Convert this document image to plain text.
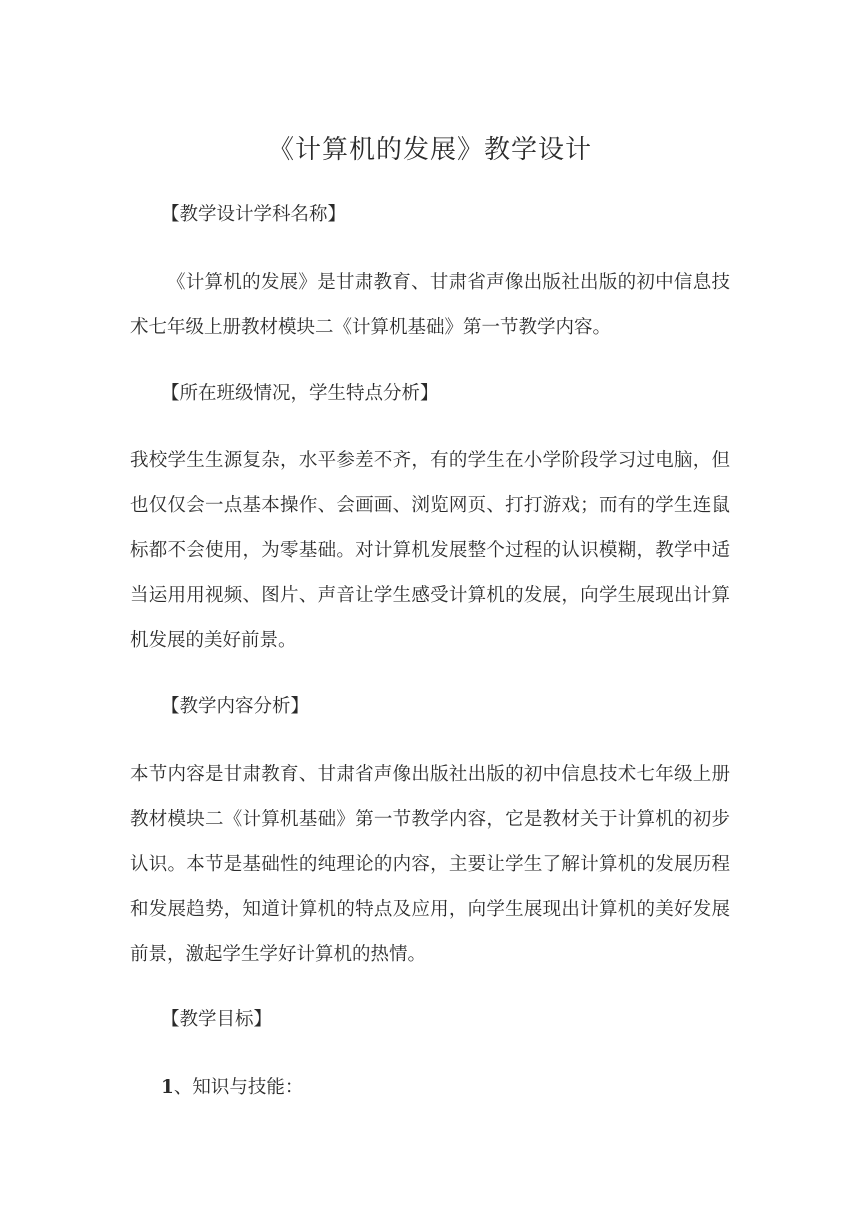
《计算机的发展》教学设计

【教学设计学科名称】

《计算机的发展》是甘肃教育、甘肃省声像出版社出版的初中信息技术七年级上册教材模块二《计算机基础》第一节教学内容。

【所在班级情况，学生特点分析】

我校学生生源复杂，水平参差不齐，有的学生在小学阶段学习过电脑，但也仅仅会一点基本操作、会画画、浏览网页、打打游戏；而有的学生连鼠标都不会使用，为零基础。对计算机发展整个过程的认识模糊，教学中适当运用用视频、图片、声音让学生感受计算机的发展，向学生展现出计算机发展的美好前景。

【教学内容分析】

本节内容是甘肃教育、甘肃省声像出版社出版的初中信息技术七年级上册教材模块二《计算机基础》第一节教学内容，它是教材关于计算机的初步认识。本节是基础性的纯理论的内容，主要让学生了解计算机的发展历程和发展趋势，知道计算机的特点及应用，向学生展现出计算机的美好发展前景，激起学生学好计算机的热情。

【教学目标】

1、知识与技能：
